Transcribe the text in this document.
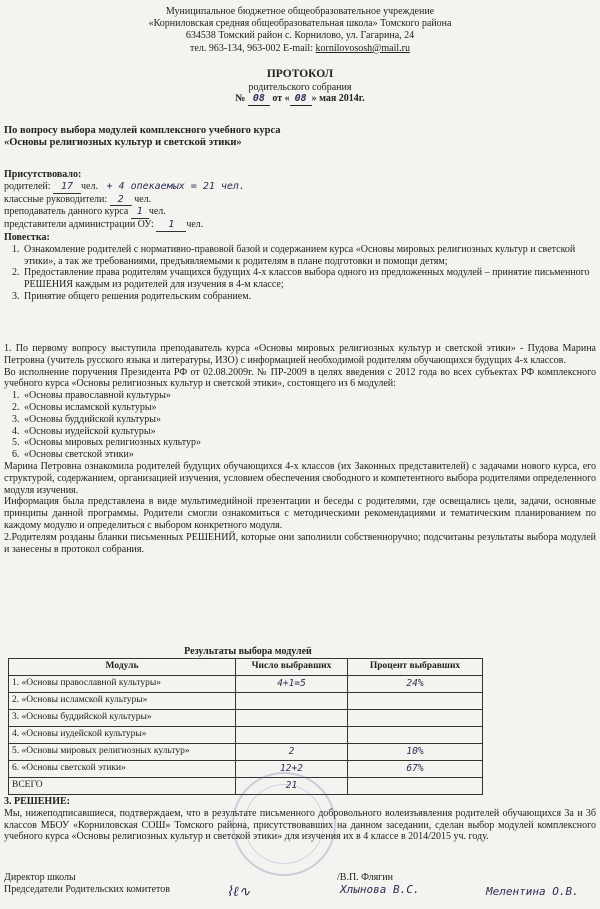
Муниципальное бюджетное общеобразовательное учреждение
«Корниловская средняя общеобразовательная школа» Томского района
634538 Томский район с. Корнилово, ул. Гагарина, 24
тел. 963-134, 963-002 E-mail: kornilovososh@mail.ru
ПРОТОКОЛ
родительского собрания
№ 08 от « 08 » мая 2014г.
По вопросу выбора модулей комплексного учебного курса
«Основы религиозных культур и светской этики»
Присутствовало:
родителей: 17 чел. + 4 опекаемых = 21 чел.
классные руководители: 2 чел.
преподаватель данного курса 1 чел.
представители администрации ОУ: 1 чел.
Повестка:
1. Ознакомление родителей с нормативно-правовой базой и содержанием курса «Основы мировых религиозных культур и светской этики», а так же требованиями, предъявляемыми к родителям в плане подготовки и помощи детям;
2. Предоставление права родителям учащихся будущих 4-х классов выбора одного из предложенных модулей – принятие письменного РЕШЕНИЯ каждым из родителей для изучения в 4-м классе;
3. Принятие общего решения родительским собранием.
1. По первому вопросу выступила преподаватель курса «Основы мировых религиозных культур и светской этики» - Пудова Марина Петровна (учитель русского языка и литературы, ИЗО) с информацией необходимой родителям обучающихся будущих 4-х классов.
Во исполнение поручения Президента РФ от 02.08.2009г. № ПР-2009 в целях введения с 2012 года во всех субъектах РФ комплексного учебного курса «Основы религиозных культур и светской этики», состоящего из 6 модулей:
1. «Основы православной культуры»
2. «Основы исламской культуры»
3. «Основы буддийской культуры»
4. «Основы иудейской культуры»
5. «Основы мировых религиозных культур»
6. «Основы светской этики»
Марина Петровна ознакомила родителей будущих обучающихся 4-х классов (их Законных представителей) с задачами нового курса, его структурой, содержанием, организацией изучения, условием обеспечения свободного и компетентного выбора родителями определенного модуля изучения.
Информация была представлена в виде мультимедийной презентации и беседы с родителями, где освещались цели, задачи, основные принципы данной программы. Родители смогли ознакомиться с методическими рекомендациями и тематическим планированием по каждому модулю и определиться с выбором конкретного модуля.
2.Родителям розданы бланки письменных РЕШЕНИЙ, которые они заполнили собственноручно; подсчитаны результаты выбора модулей и занесены в протокол собрания.
Результаты выбора модулей
Модуль	Число выбравших	Процент выбравших
1. «Основы православной культуры»	4+1=5	24%
2. «Основы исламской культуры»		
3. «Основы буддийской культуры»		
4. «Основы иудейской культуры»		
5. «Основы мировых религиозных культур»	2	10%
6. «Основы светской этики»	12+2	67%
ВСЕГО	21	
3. РЕШЕНИЕ:
Мы, нижеподписавшиеся, подтверждаем, что в результате письменного добровольного волеизъявления родителей обучающихся 3а и 3б классов МБОУ «Корниловская СОШ» Томского района, присутствовавших на данном заседании, сделан выбор модулей комплексного учебного курса «Основы религиозных культур и светской этики» для изучения их в 4 классе в 2014/2015 уч. году.
Директор школы	/В.П. Флягин
Председатели Родительских комитетов	⌇ℓ∿	Хлынова В.С.	Мелентина О.В.
